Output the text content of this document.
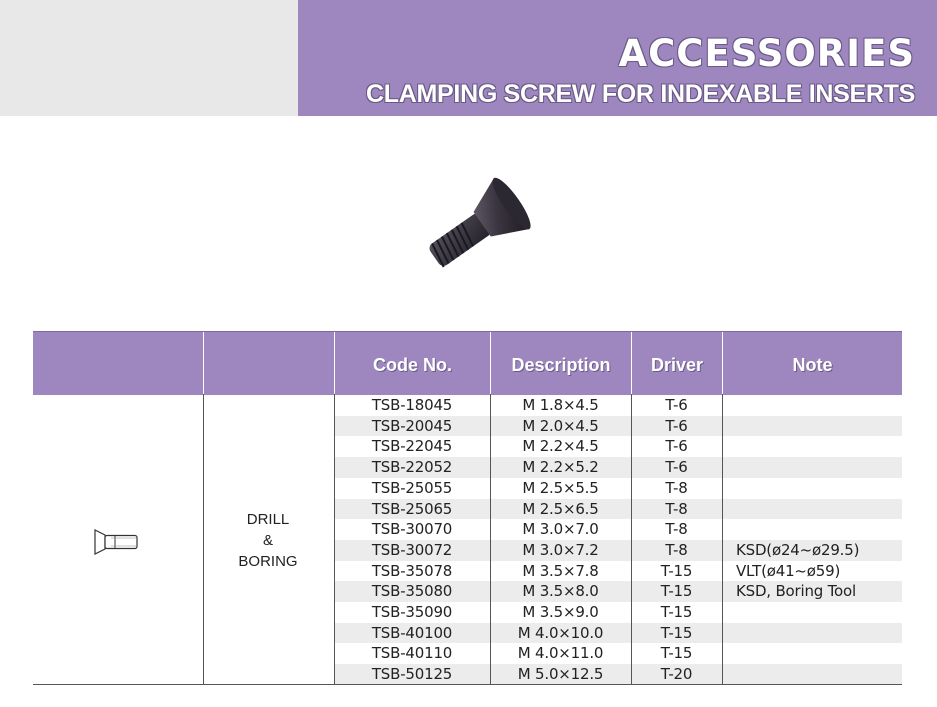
ACCESSORIES
CLAMPING SCREW FOR INDEXABLE INSERTS
Code No.	Description	Driver	Note
TSB-18045	M 1.8×4.5	T-6
TSB-20045	M 2.0×4.5	T-6
TSB-22045	M 2.2×4.5	T-6
TSB-22052	M 2.2×5.2	T-6
TSB-25055	M 2.5×5.5	T-8
TSB-25065	M 2.5×6.5	T-8
TSB-30070	M 3.0×7.0	T-8
TSB-30072	M 3.0×7.2	T-8	KSD(ø24~ø29.5)
TSB-35078	M 3.5×7.8	T-15	VLT(ø41~ø59)
TSB-35080	M 3.5×8.0	T-15	KSD, Boring Tool
TSB-35090	M 3.5×9.0	T-15
TSB-40100	M 4.0×10.0	T-15
TSB-40110	M 4.0×11.0	T-15
TSB-50125	M 5.0×12.5	T-20
DRILL
&
BORING
